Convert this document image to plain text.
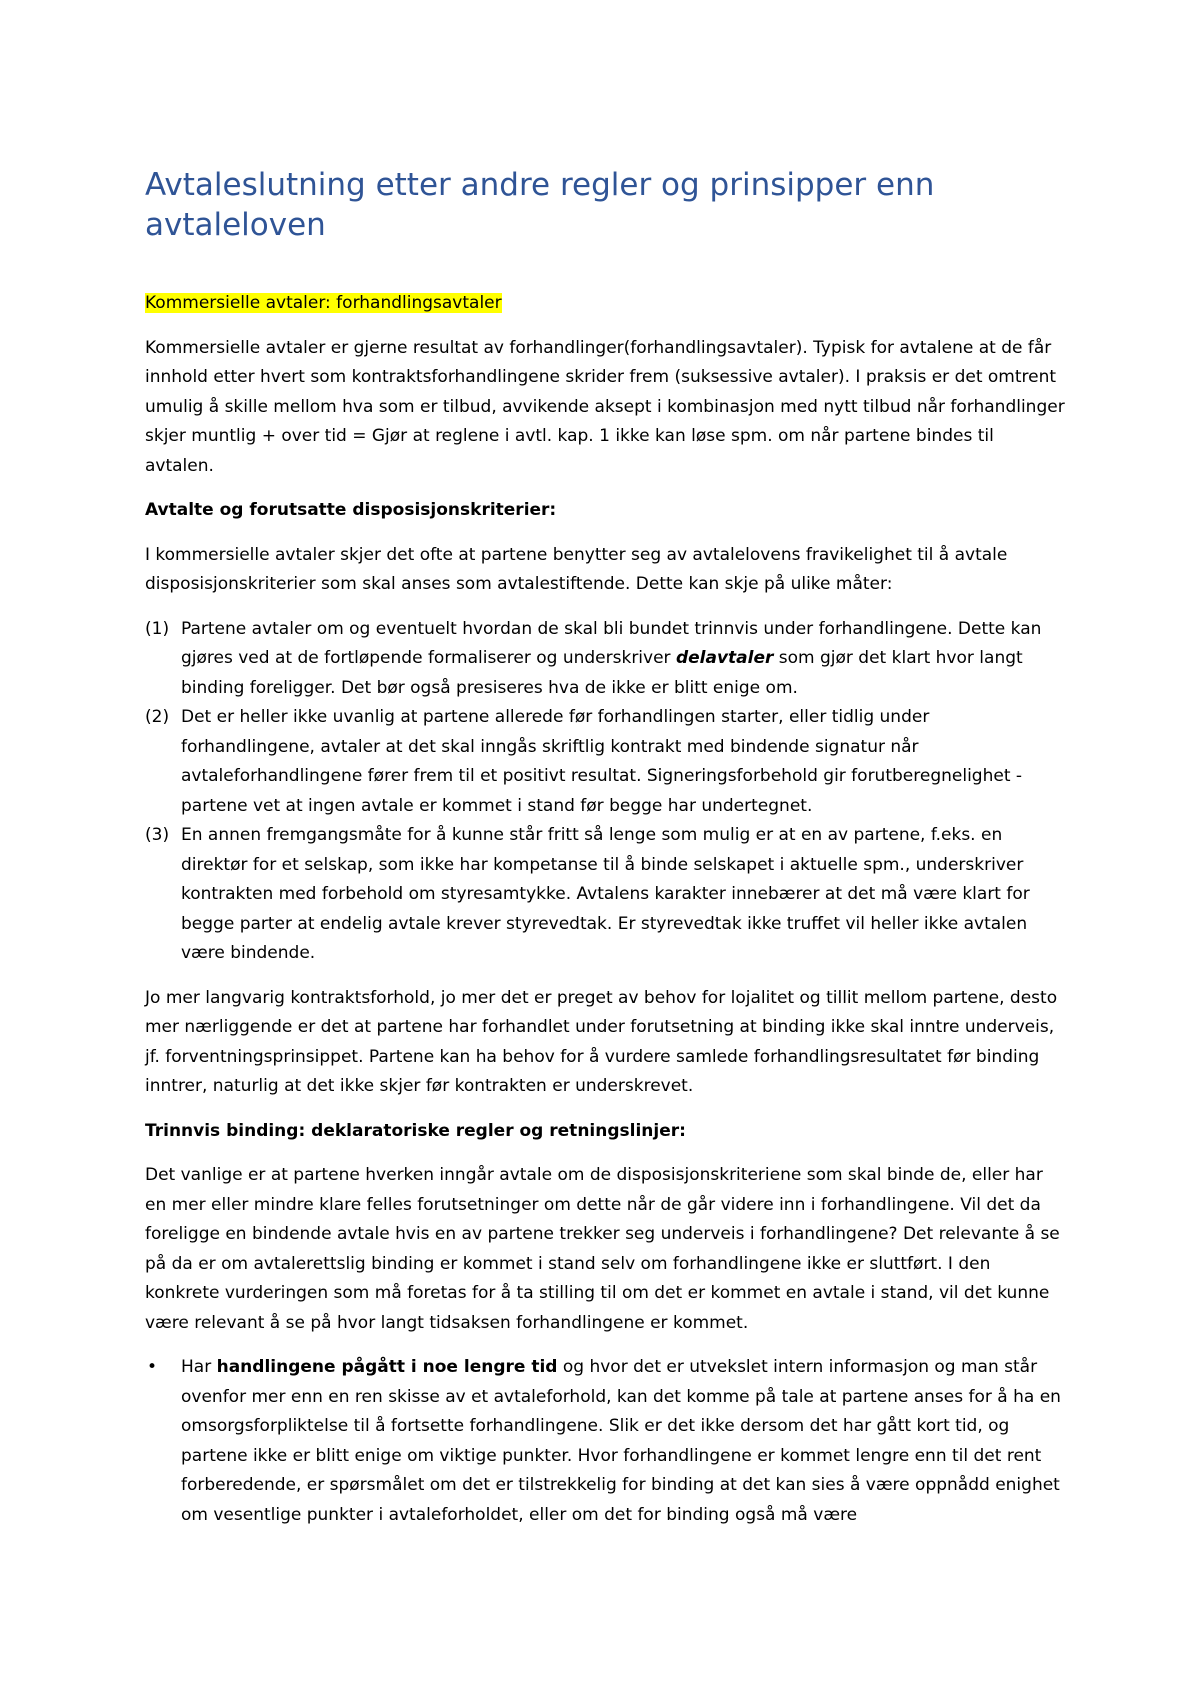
Avtaleslutning etter andre regler og prinsipper enn avtaleloven

Kommersielle avtaler: forhandlingsavtaler

Kommersielle avtaler er gjerne resultat av forhandlinger(forhandlingsavtaler). Typisk for avtalene at de får innhold etter hvert som kontraktsforhandlingene skrider frem (suksessive avtaler). I praksis er det omtrent umulig å skille mellom hva som er tilbud, avvikende aksept i kombinasjon med nytt tilbud når forhandlinger skjer muntlig + over tid = Gjør at reglene i avtl. kap. 1 ikke kan løse spm. om når partene bindes til avtalen.

Avtalte og forutsatte disposisjonskriterier:

I kommersielle avtaler skjer det ofte at partene benytter seg av avtalelovens fravikelighet til å avtale disposisjonskriterier som skal anses som avtalestiftende. Dette kan skje på ulike måter:

(1) Partene avtaler om og eventuelt hvordan de skal bli bundet trinnvis under forhandlingene. Dette kan gjøres ved at de fortløpende formaliserer og underskriver delavtaler som gjør det klart hvor langt binding foreligger. Det bør også presiseres hva de ikke er blitt enige om.
(2) Det er heller ikke uvanlig at partene allerede før forhandlingen starter, eller tidlig under forhandlingene, avtaler at det skal inngås skriftlig kontrakt med bindende signatur når avtaleforhandlingene fører frem til et positivt resultat. Signeringsforbehold gir forutberegnelighet -partene vet at ingen avtale er kommet i stand før begge har undertegnet.
(3) En annen fremgangsmåte for å kunne står fritt så lenge som mulig er at en av partene, f.eks. en direktør for et selskap, som ikke har kompetanse til å binde selskapet i aktuelle spm., underskriver kontrakten med forbehold om styresamtykke. Avtalens karakter innebærer at det må være klart for begge parter at endelig avtale krever styrevedtak. Er styrevedtak ikke truffet vil heller ikke avtalen være bindende.

Jo mer langvarig kontraktsforhold, jo mer det er preget av behov for lojalitet og tillit mellom partene, desto mer nærliggende er det at partene har forhandlet under forutsetning at binding ikke skal inntre underveis, jf. forventningsprinsippet. Partene kan ha behov for å vurdere samlede forhandlingsresultatet før binding inntrer, naturlig at det ikke skjer før kontrakten er underskrevet.

Trinnvis binding: deklaratoriske regler og retningslinjer:

Det vanlige er at partene hverken inngår avtale om de disposisjonskriteriene som skal binde de, eller har en mer eller mindre klare felles forutsetninger om dette når de går videre inn i forhandlingene. Vil det da foreligge en bindende avtale hvis en av partene trekker seg underveis i forhandlingene? Det relevante å se på da er om avtalerettslig binding er kommet i stand selv om forhandlingene ikke er sluttført. I den konkrete vurderingen som må foretas for å ta stilling til om det er kommet en avtale i stand, vil det kunne være relevant å se på hvor langt tidsaksen forhandlingene er kommet.

• Har handlingene pågått i noe lengre tid og hvor det er utvekslet intern informasjon og man står ovenfor mer enn en ren skisse av et avtaleforhold, kan det komme på tale at partene anses for å ha en omsorgsforpliktelse til å fortsette forhandlingene. Slik er det ikke dersom det har gått kort tid, og partene ikke er blitt enige om viktige punkter. Hvor forhandlingene er kommet lengre enn til det rent forberedende, er spørsmålet om det er tilstrekkelig for binding at det kan sies å være oppnådd enighet om vesentlige punkter i avtaleforholdet, eller om det for binding også må være
